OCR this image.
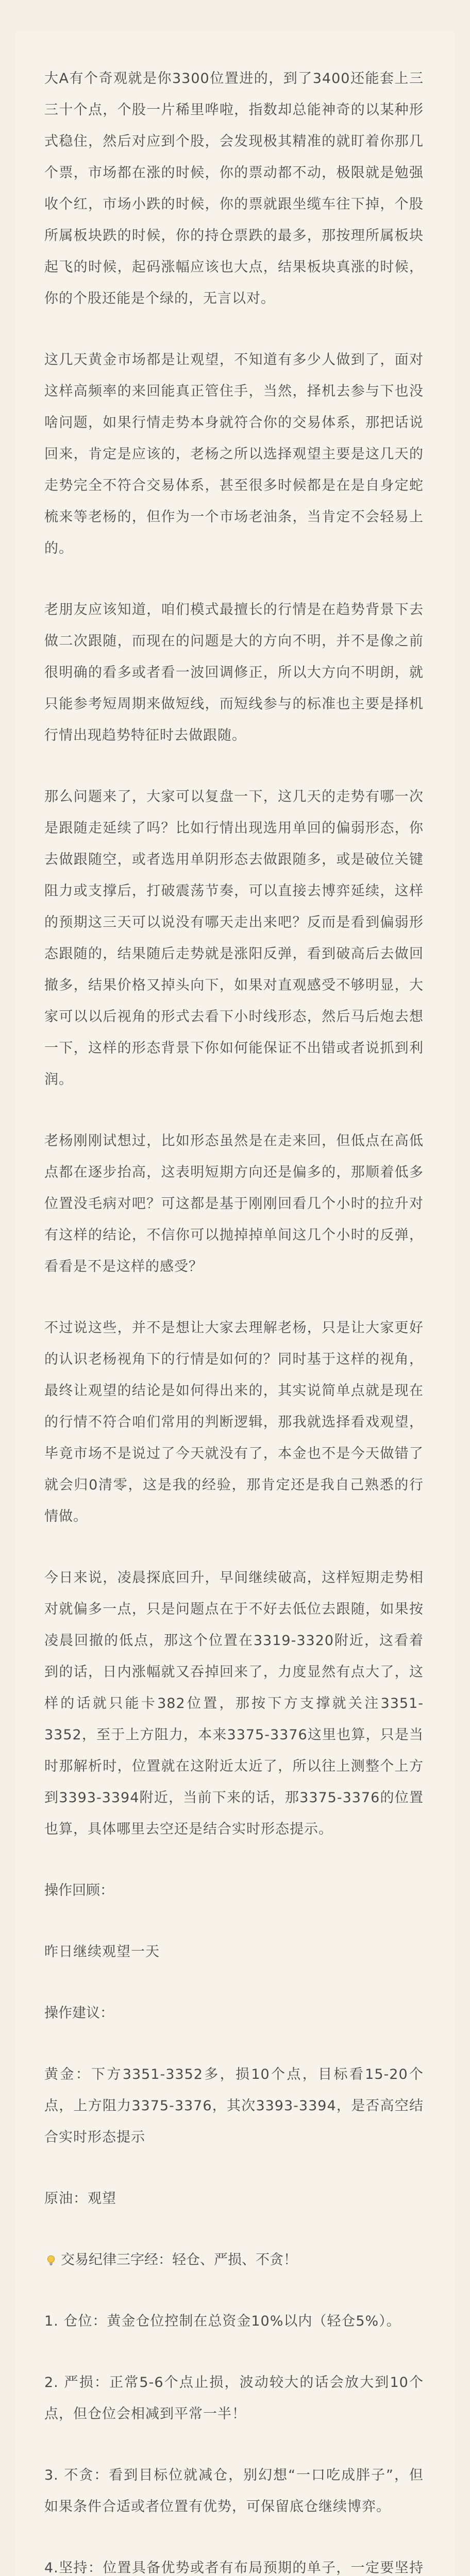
大A有个奇观就是你3300位置进的，到了3400还能套上三三十个点，个股一片稀里哗啦，指数却总能神奇的以某种形式稳住，然后对应到个股，会发现极其精准的就盯着你那几个票，市场都在涨的时候，你的票动都不动，极限就是勉强收个红，市场小跌的时候，你的票就跟坐缆车往下掉，个股所属板块跌的时候，你的持仓票跌的最多，那按理所属板块起飞的时候，起码涨幅应该也大点，结果板块真涨的时候，你的个股还能是个绿的，无言以对。

这几天黄金市场都是让观望，不知道有多少人做到了，面对这样高频率的来回能真正管住手，当然，择机去参与下也没啥问题，如果行情走势本身就符合你的交易体系，那把话说回来，肯定是应该的，老杨之所以选择观望主要是这几天的走势完全不符合交易体系，甚至很多时候都是在是自身定蛇梳来等老杨的，但作为一个市场老油条，当肯定不会轻易上的。

老朋友应该知道，咱们模式最擅长的行情是在趋势背景下去做二次跟随，而现在的问题是大的方向不明，并不是像之前很明确的看多或者看一波回调修正，所以大方向不明朗，就只能参考短周期来做短线，而短线参与的标准也主要是择机行情出现趋势特征时去做跟随。

那么问题来了，大家可以复盘一下，这几天的走势有哪一次是跟随走延续了吗？比如行情出现选用单回的偏弱形态，你去做跟随空，或者选用单阴形态去做跟随多，或是破位关键阻力或支撑后，打破震荡节奏，可以直接去博弈延续，这样的预期这三天可以说没有哪天走出来吧？反而是看到偏弱形态跟随的，结果随后走势就是涨阳反弹，看到破高后去做回撤多，结果价格又掉头向下，如果对直观感受不够明显，大家可以以后视角的形式去看下小时线形态，然后马后炮去想一下，这样的形态背景下你如何能保证不出错或者说抓到利润。

老杨刚刚试想过，比如形态虽然是在走来回，但低点在高低点都在逐步抬高，这表明短期方向还是偏多的，那顺着低多位置没毛病对吧？可这都是基于刚刚回看几个小时的拉升对有这样的结论，不信你可以抛掉掉单间这几个小时的反弹，看看是不是这样的感受？

不过说这些，并不是想让大家去理解老杨，只是让大家更好的认识老杨视角下的行情是如何的？同时基于这样的视角，最终让观望的结论是如何得出来的，其实说简单点就是现在的行情不符合咱们常用的判断逻辑，那我就选择看戏观望，毕竟市场不是说过了今天就没有了，本金也不是今天做错了就会归0清零，这是我的经验，那肯定还是我自己熟悉的行情做。

今日来说，凌晨探底回升，早间继续破高，这样短期走势相对就偏多一点，只是问题点在于不好去低位去跟随，如果按凌晨回撤的低点，那这个位置在3319-3320附近，这看着到的话，日内涨幅就又吞掉回来了，力度显然有点大了，这样的话就只能卡382位置，那按下方支撑就关注3351-3352，至于上方阻力，本来3375-3376这里也算，只是当时那解析时，位置就在这附近太近了，所以往上测整个上方到3393-3394附近，当前下来的话，那3375-3376的位置也算，具体哪里去空还是结合实时形态提示。

操作回顾：

昨日继续观望一天

操作建议：

黄金：下方3351-3352多，损10个点，目标看15-20个点，上方阻力3375-3376，其次3393-3394，是否高空结合实时形态提示

原油：观望

交易纪律三字经：轻仓、严损、不贪！

1. 仓位：黄金仓位控制在总资金10%以内（轻仓5%）。

2. 严损：正常5-6个点止损，波动较大的话会放大到10个点，但仓位会相减到平常一半！

3. 不贪：看到目标位就减仓，别幻想“一口吃成胖子”，但如果条件合适或者位置有优势，可保留底仓继续博弈。

4.坚持：位置具备优势或者有布局预期的单子，一定要坚持
